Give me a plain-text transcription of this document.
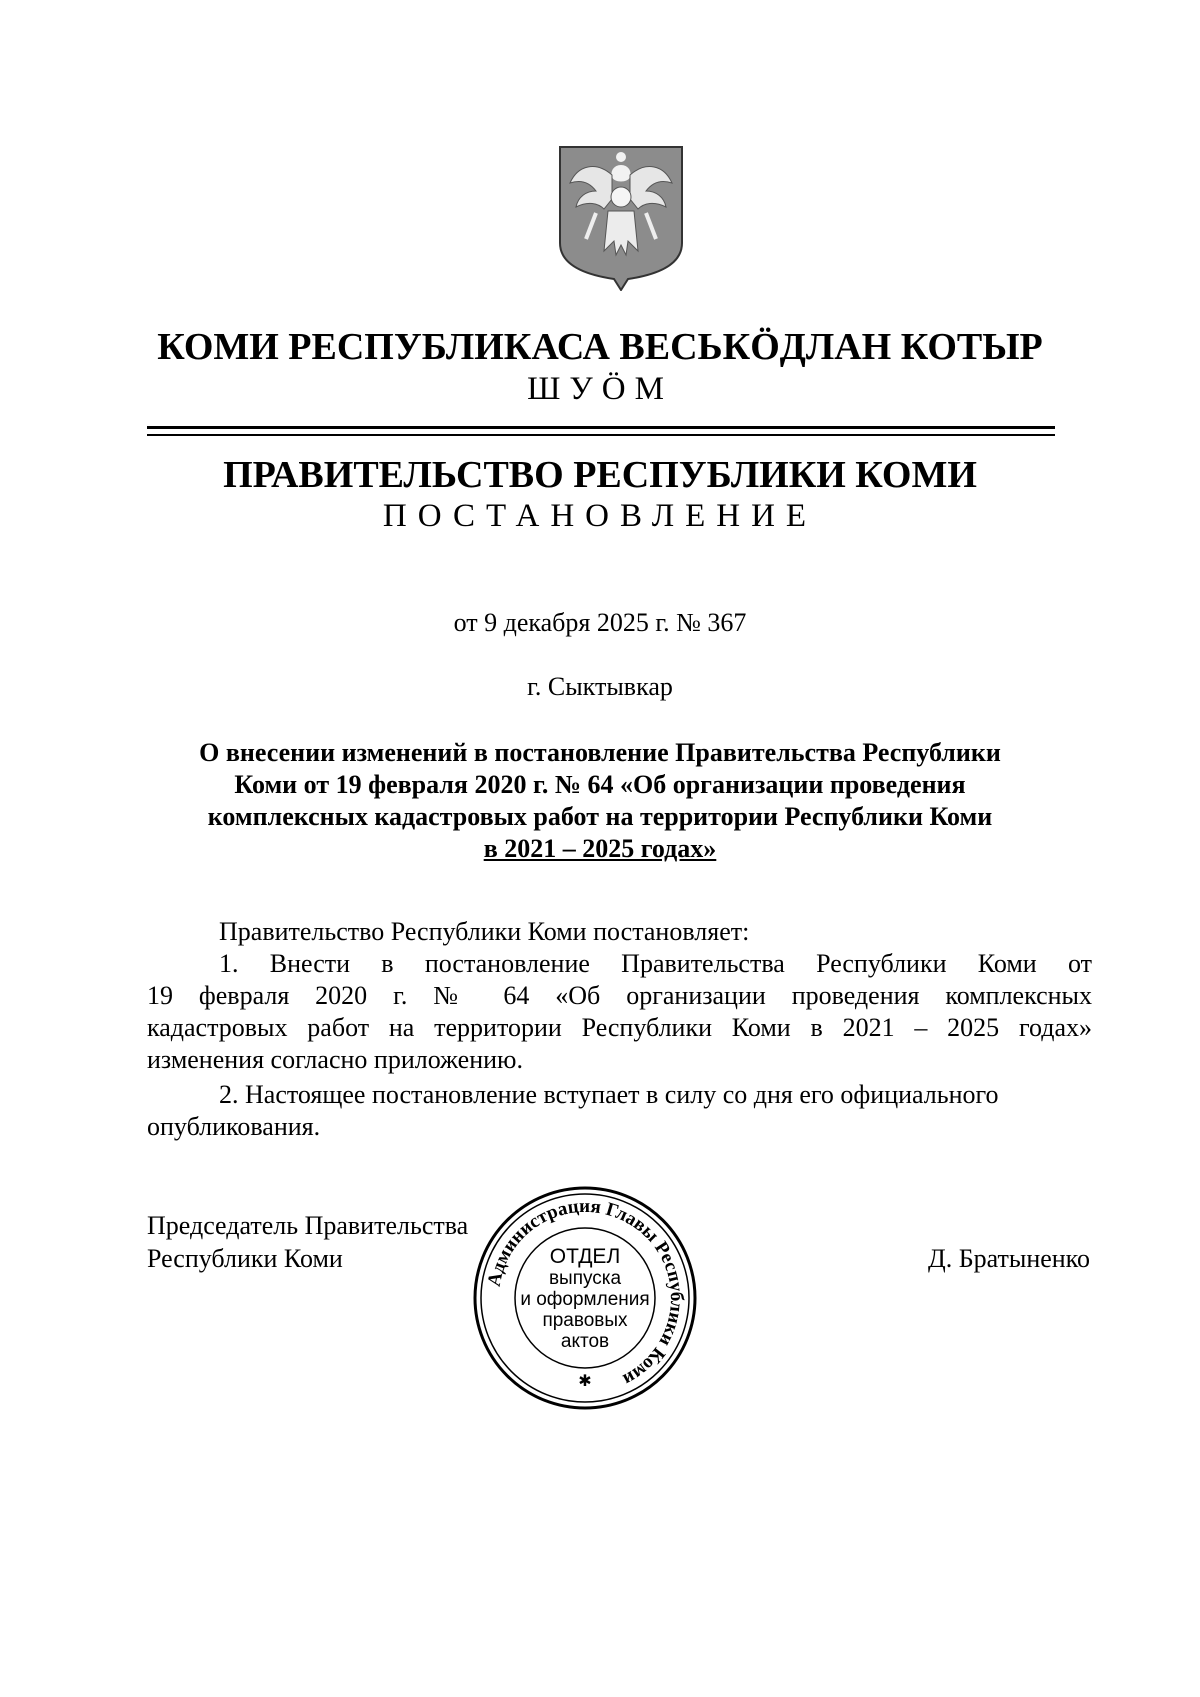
КОМИ РЕСПУБЛИКАСА ВЕСЬКӦДЛАН КОТЫР
ШУӦМ
ПРАВИТЕЛЬСТВО РЕСПУБЛИКИ КОМИ
ПОСТАНОВЛЕНИЕ
от 9 декабря 2025 г. № 367
г. Сыктывкар
О внесении изменений в постановление Правительства Республики
Коми от 19 февраля 2020 г. № 64 «Об организации проведения
комплексных кадастровых работ на территории Республики Коми
в 2021 – 2025 годах»
Правительство Республики Коми постановляет:
1. Внести в постановление Правительства Республики Коми от
19 февраля 2020 г. № 64 «Об организации проведения комплексных
кадастровых работ на территории Республики Коми в 2021 – 2025 годах»
изменения согласно приложению.
2. Настоящее постановление вступает в силу со дня его официального
опубликования.
Председатель Правительства
Республики Коми	Д. Братыненко
Администрация Главы Республики Коми
ОТДЕЛ
выпуска
и оформления
правовых
актов
✱
